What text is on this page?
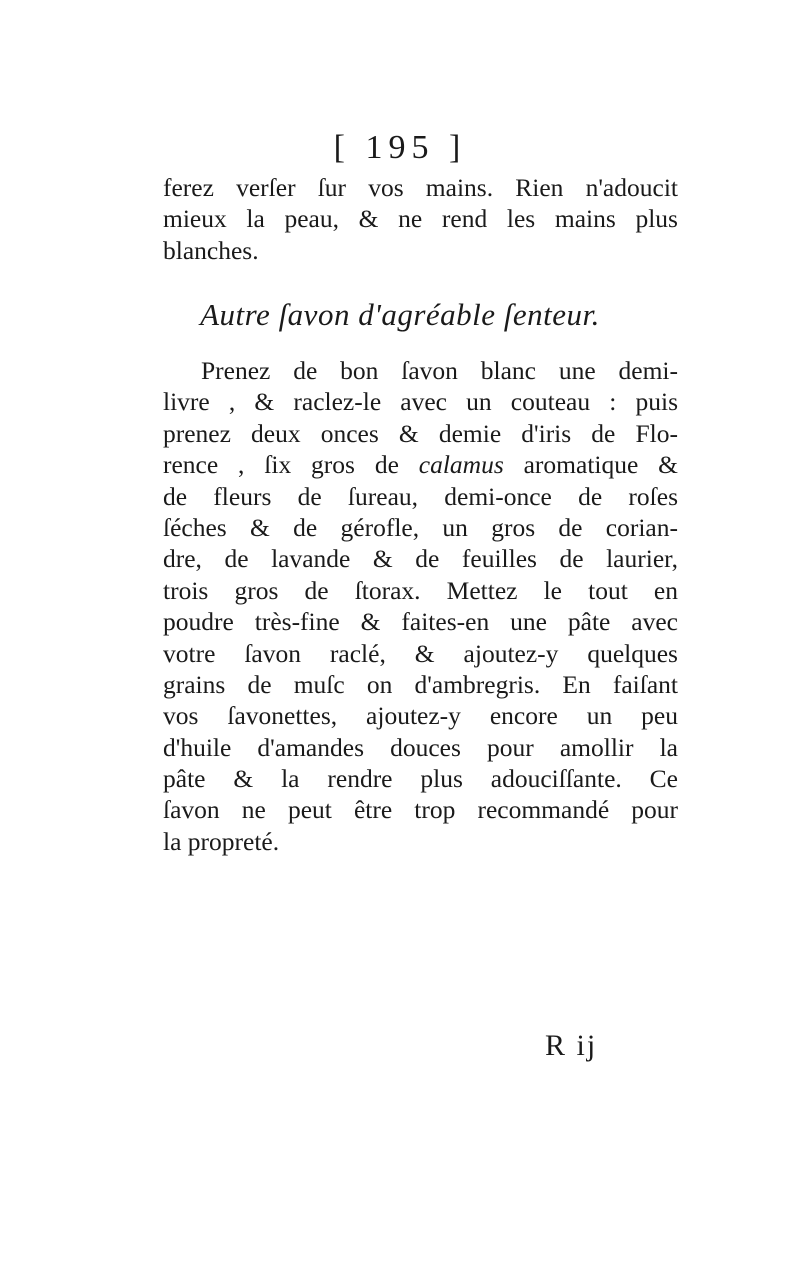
[ 195 ]
ferez verſer ſur vos mains. Rien n'adoucit
mieux la peau, & ne rend les mains plus
blanches.
Autre ſavon d'agréable ſenteur.
Prenez de bon ſavon blanc une demi-
livre , & raclez-le avec un couteau : puis
prenez deux onces & demie d'iris de Flo-
rence , ſix gros de calamus aromatique &
de fleurs de ſureau, demi-once de roſes
ſéches & de gérofle, un gros de corian-
dre, de lavande & de feuilles de laurier,
trois gros de ſtorax. Mettez le tout en
poudre très-fine & faites-en une pâte avec
votre ſavon raclé, & ajoutez-y quelques
grains de muſc on d'ambregris. En faiſant
vos ſavonettes, ajoutez-y encore un peu
d'huile d'amandes douces pour amollir la
pâte & la rendre plus adouciſſante. Ce
ſavon ne peut être trop recommandé pour
la propreté.
R ij
